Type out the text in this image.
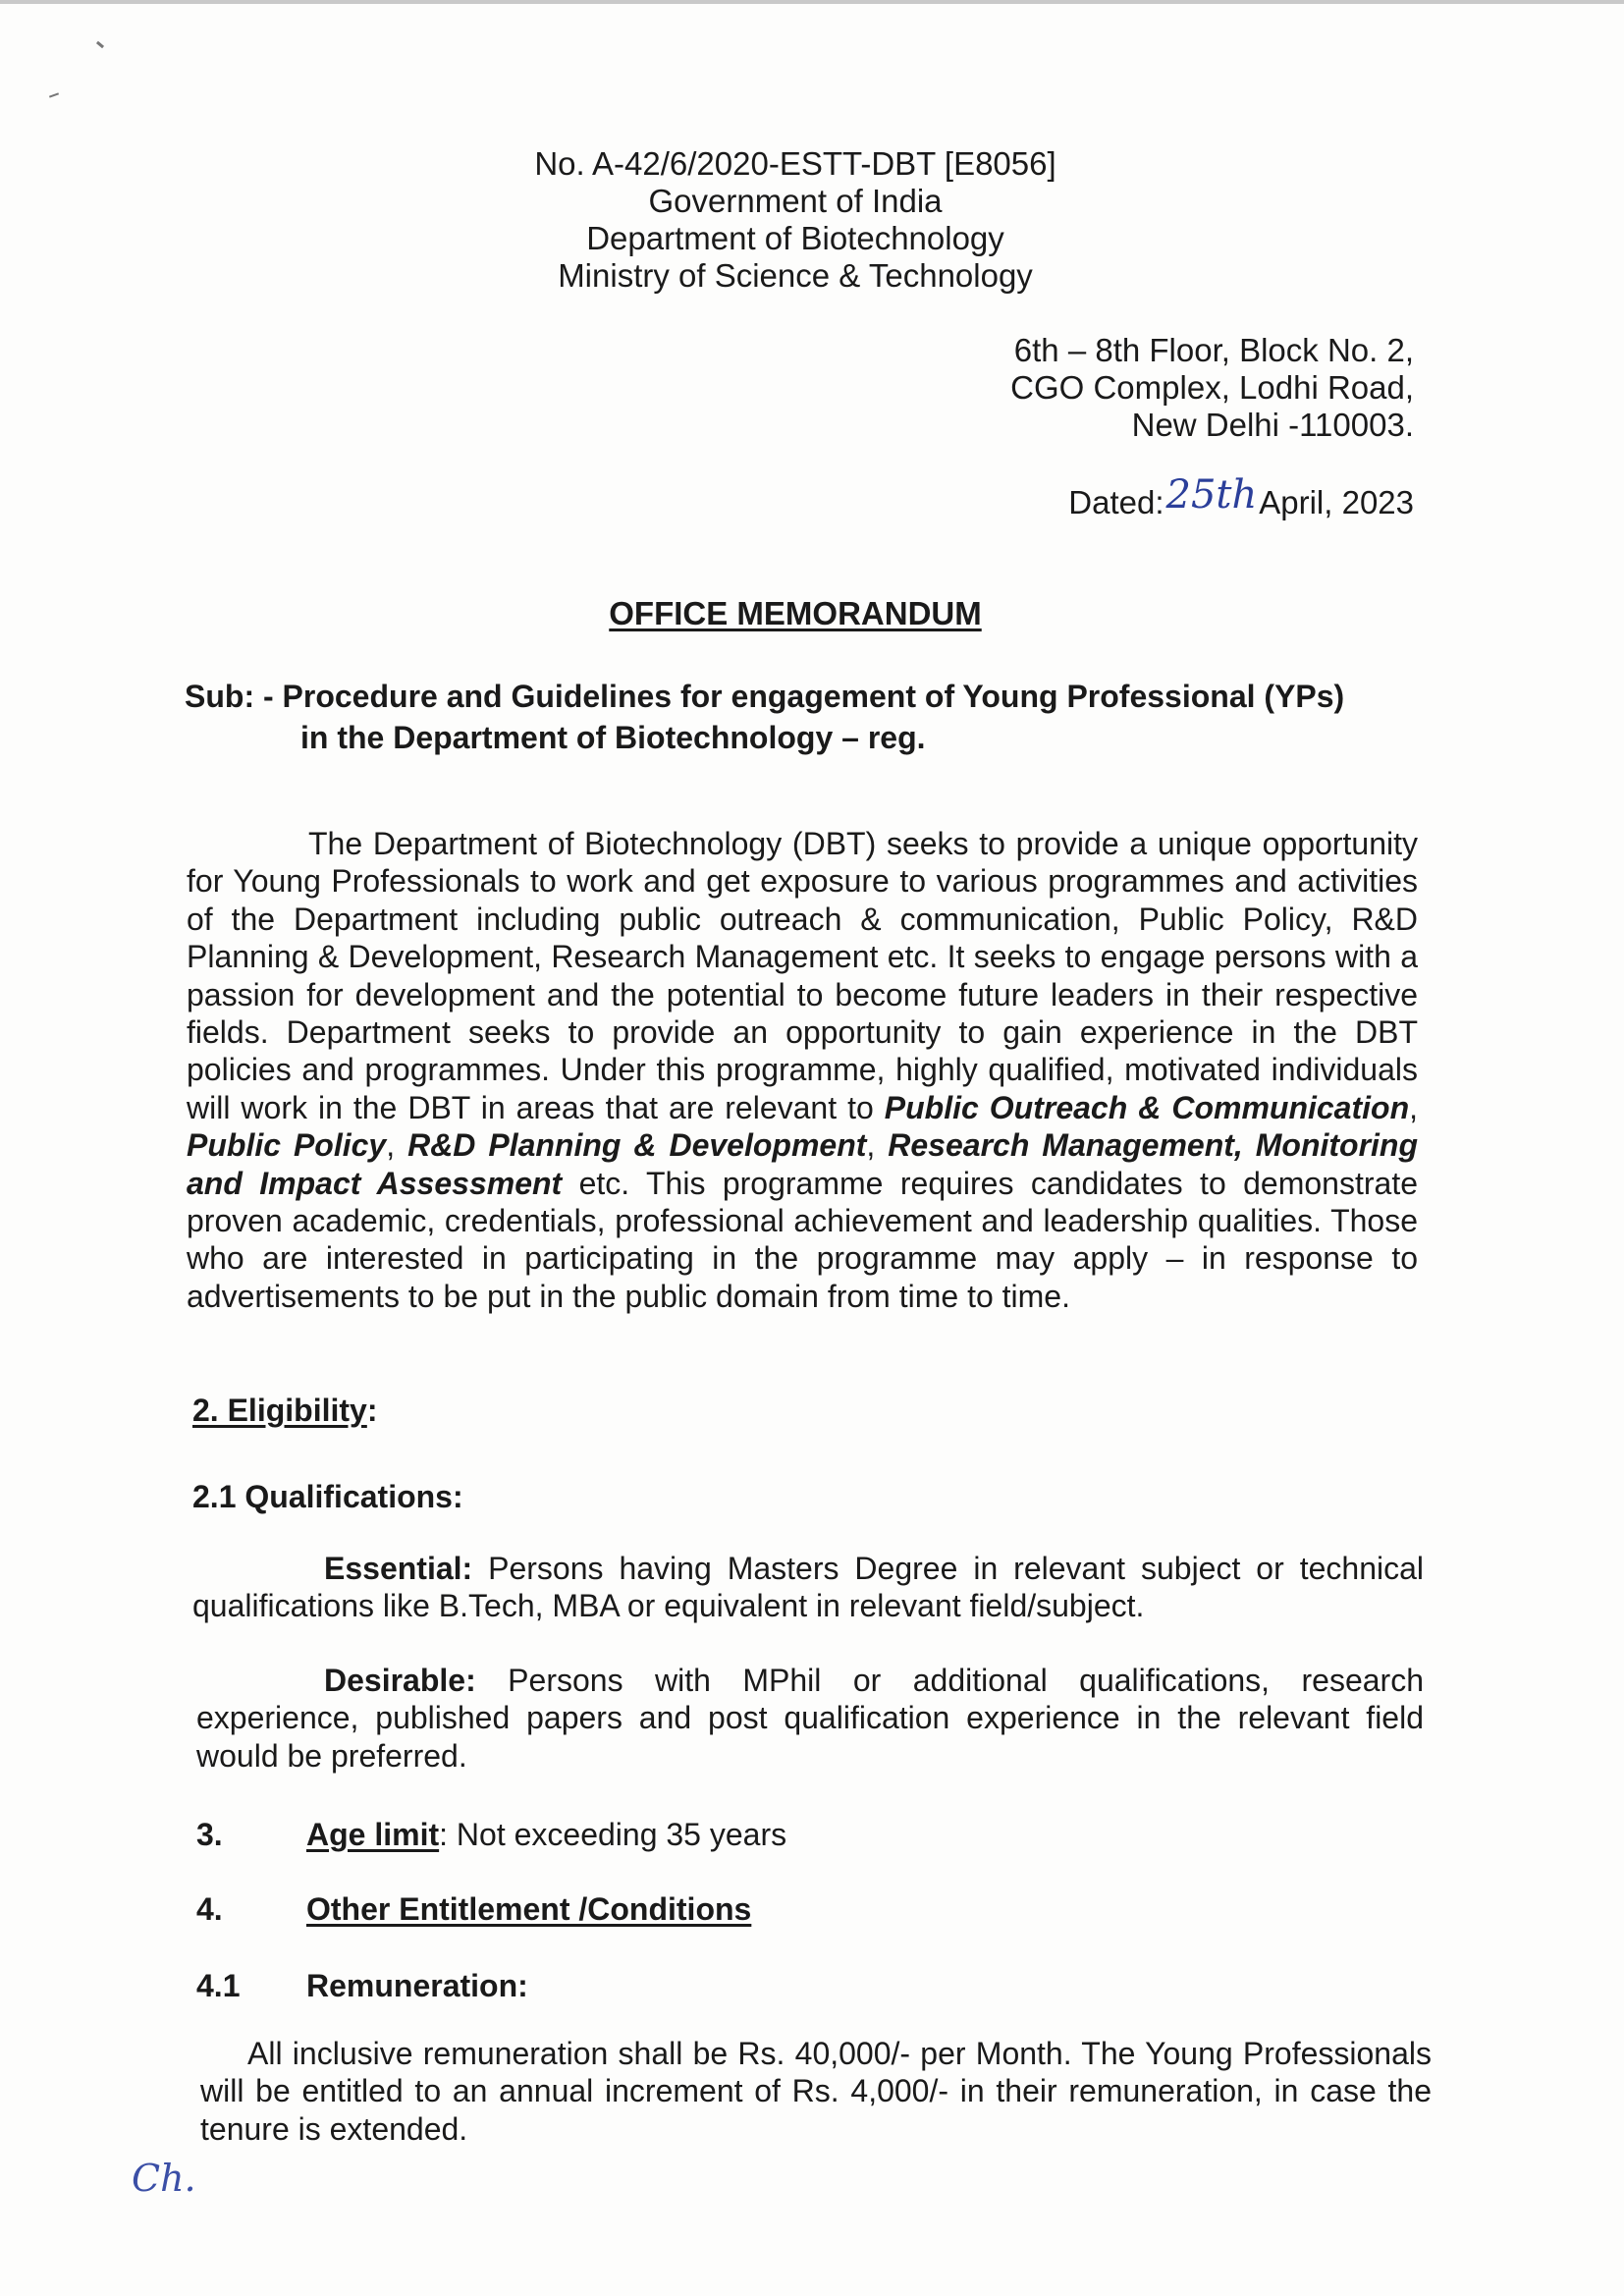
No. A-42/6/2020-ESTT-DBT [E8056]
Government of India
Department of Biotechnology
Ministry of Science & Technology
6th – 8th Floor, Block No. 2,
CGO Complex, Lodhi Road,
New Delhi -110003.
Dated:25thApril, 2023
OFFICE MEMORANDUM
Sub: - Procedure and Guidelines for engagement of Young Professional (YPs)
in the Department of Biotechnology – reg.
The Department of Biotechnology (DBT) seeks to provide a unique opportunity for Young Professionals to work and get exposure to various programmes and activities of the Department including public outreach & communication, Public Policy, R&D Planning & Development, Research Management etc. It seeks to engage persons with a passion for development and the potential to become future leaders in their respective fields. Department seeks to provide an opportunity to gain experience in the DBT policies and programmes. Under this programme, highly qualified, motivated individuals will work in the DBT in areas that are relevant to Public Outreach & Communication, Public Policy, R&D Planning & Development, Research Management, Monitoring and Impact Assessment etc. This programme requires candidates to demonstrate proven academic, credentials, professional achievement and leadership qualities. Those who are interested in participating in the programme may apply – in response to advertisements to be put in the public domain from time to time.
2. Eligibility:
2.1 Qualifications:
Essential: Persons having Masters Degree in relevant subject or technical qualifications like B.Tech, MBA or equivalent in relevant field/subject.
Desirable: Persons with MPhil or additional qualifications, research experience, published papers and post qualification experience in the relevant field would be preferred.
3.	Age limit: Not exceeding 35 years
4.	Other Entitlement /Conditions
4.1 Remuneration:
All inclusive remuneration shall be Rs. 40,000/- per Month. The Young Professionals will be entitled to an annual increment of Rs. 4,000/- in their remuneration, in case the tenure is extended.
Ch.
